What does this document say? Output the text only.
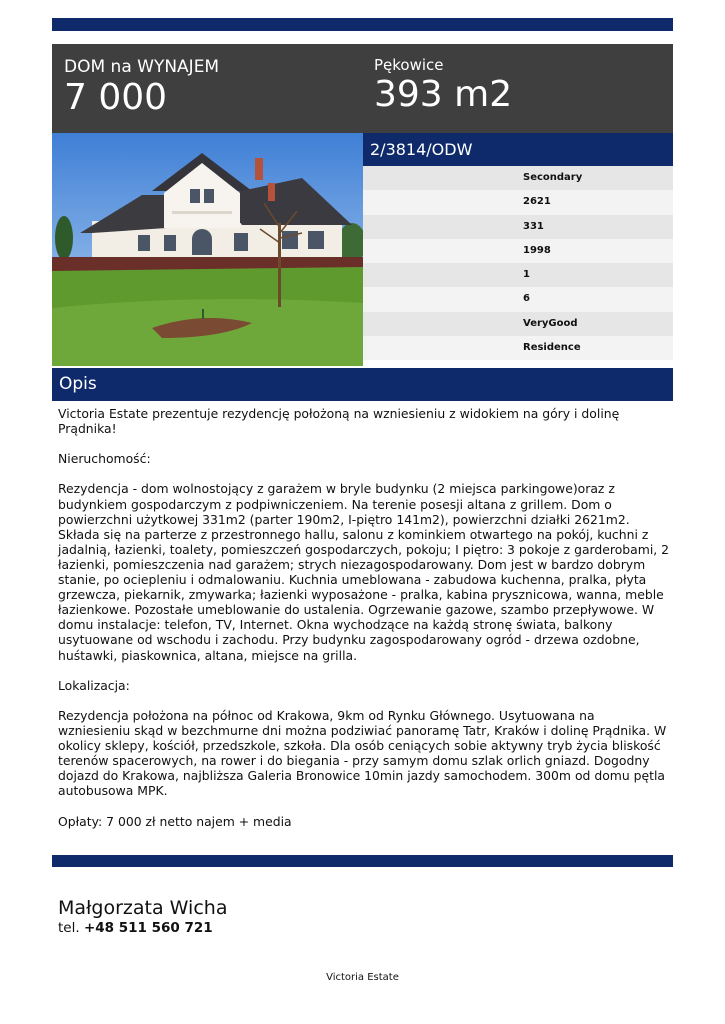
DOM na WYNAJEM
7 000
Pękowice
393 m2
2/3814/ODW
Secondary
2621
331
1998
1
6
VeryGood
Residence
Opis

Victoria Estate prezentuje rezydencję położoną na wzniesieniu z widokiem na góry i dolinę Prądnika!

Nieruchomość:

Rezydencja - dom wolnostojący z garażem w bryle budynku (2 miejsca parkingowe)oraz z budynkiem gospodarczym z podpiwniczeniem. Na terenie posesji altana z grillem. Dom o powierzchni użytkowej 331m2 (parter 190m2, I-piętro 141m2), powierzchni działki 2621m2. Składa się na parterze z przestronnego hallu, salonu z kominkiem otwartego na pokój, kuchni z jadalnią, łazienki, toalety, pomieszczeń gospodarczych, pokoju; I piętro: 3 pokoje z garderobami, 2 łazienki, pomieszczenia nad garażem; strych niezagospodarowany. Dom jest w bardzo dobrym stanie, po ociepleniu i odmalowaniu. Kuchnia umeblowana - zabudowa kuchenna, pralka, płyta grzewcza, piekarnik, zmywarka; łazienki wyposażone - pralka, kabina prysznicowa, wanna, meble łazienkowe. Pozostałe umeblowanie do ustalenia. Ogrzewanie gazowe, szambo przepływowe. W domu instalacje: telefon, TV, Internet. Okna wychodzące na każdą stronę świata, balkony usytuowane od wschodu i zachodu. Przy budynku zagospodarowany ogród - drzewa ozdobne, huśtawki, piaskownica, altana, miejsce na grilla.

Lokalizacja:

Rezydencja położona na północ od Krakowa, 9km od Rynku Głównego. Usytuowana na wzniesieniu skąd w bezchmurne dni można podziwiać panoramę Tatr, Kraków i dolinę Prądnika. W okolicy sklepy, kościół, przedszkole, szkoła. Dla osób ceniących sobie aktywny tryb życia bliskość terenów spacerowych, na rower i do biegania - przy samym domu szlak orlich gniazd. Dogodny dojazd do Krakowa, najbliższa Galeria Bronowice 10min jazdy samochodem. 300m od domu pętla autobusowa MPK.

Opłaty: 7 000 zł netto najem + media

Małgorzata Wicha
tel. +48 511 560 721
Victoria Estate
